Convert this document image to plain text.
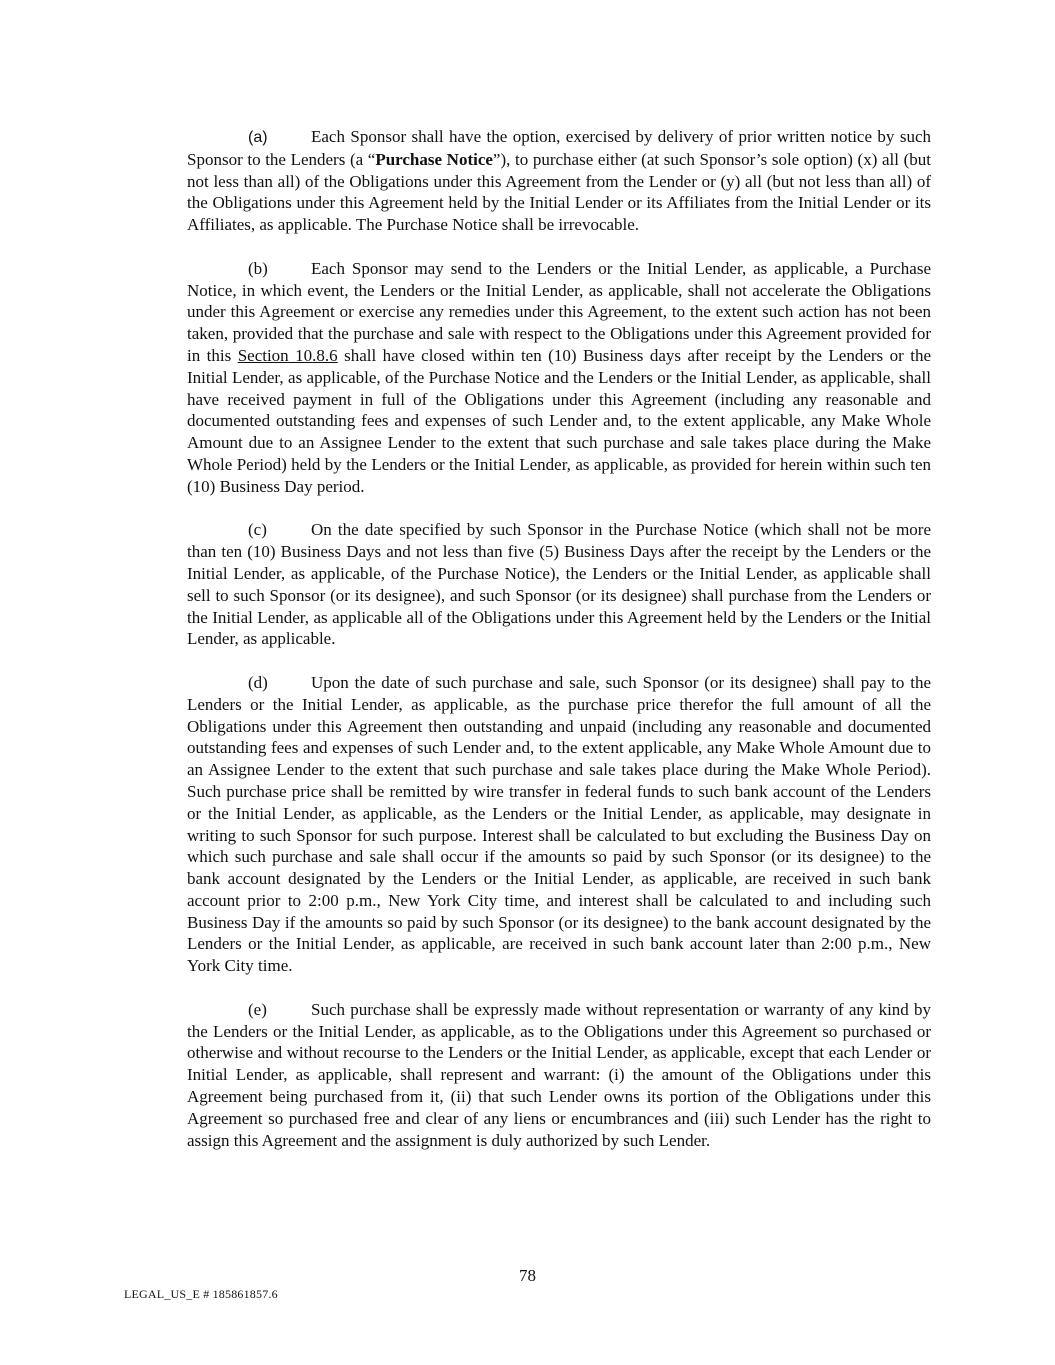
(a)	Each Sponsor shall have the option, exercised by delivery of prior written notice by such Sponsor to the Lenders (a “Purchase Notice”), to purchase either (at such Sponsor’s sole option) (x) all (but not less than all) of the Obligations under this Agreement from the Lender or (y) all (but not less than all) of the Obligations under this Agreement held by the Initial Lender or its Affiliates from the Initial Lender or its Affiliates, as applicable. The Purchase Notice shall be irrevocable.

(b)	Each Sponsor may send to the Lenders or the Initial Lender, as applicable, a Purchase Notice, in which event, the Lenders or the Initial Lender, as applicable, shall not accelerate the Obligations under this Agreement or exercise any remedies under this Agreement, to the extent such action has not been taken, provided that the purchase and sale with respect to the Obligations under this Agreement provided for in this Section 10.8.6 shall have closed within ten (10) Business days after receipt by the Lenders or the Initial Lender, as applicable, of the Purchase Notice and the Lenders or the Initial Lender, as applicable, shall have received payment in full of the Obligations under this Agreement (including any reasonable and documented outstanding fees and expenses of such Lender and, to the extent applicable, any Make Whole Amount due to an Assignee Lender to the extent that such purchase and sale takes place during the Make Whole Period) held by the Lenders or the Initial Lender, as applicable, as provided for herein within such ten (10) Business Day period.

(c)	On the date specified by such Sponsor in the Purchase Notice (which shall not be more than ten (10) Business Days and not less than five (5) Business Days after the receipt by the Lenders or the Initial Lender, as applicable, of the Purchase Notice), the Lenders or the Initial Lender, as applicable shall sell to such Sponsor (or its designee), and such Sponsor (or its designee) shall purchase from the Lenders or the Initial Lender, as applicable all of the Obligations under this Agreement held by the Lenders or the Initial Lender, as applicable.

(d)	Upon the date of such purchase and sale, such Sponsor (or its designee) shall pay to the Lenders or the Initial Lender, as applicable, as the purchase price therefor the full amount of all the Obligations under this Agreement then outstanding and unpaid (including any reasonable and documented outstanding fees and expenses of such Lender and, to the extent applicable, any Make Whole Amount due to an Assignee Lender to the extent that such purchase and sale takes place during the Make Whole Period). Such purchase price shall be remitted by wire transfer in federal funds to such bank account of the Lenders or the Initial Lender, as applicable, as the Lenders or the Initial Lender, as applicable, may designate in writing to such Sponsor for such purpose. Interest shall be calculated to but excluding the Business Day on which such purchase and sale shall occur if the amounts so paid by such Sponsor (or its designee) to the bank account designated by the Lenders or the Initial Lender, as applicable, are received in such bank account prior to 2:00 p.m., New York City time, and interest shall be calculated to and including such Business Day if the amounts so paid by such Sponsor (or its designee) to the bank account designated by the Lenders or the Initial Lender, as applicable, are received in such bank account later than 2:00 p.m., New York City time.

(e)	Such purchase shall be expressly made without representation or warranty of any kind by the Lenders or the Initial Lender, as applicable, as to the Obligations under this Agreement so purchased or otherwise and without recourse to the Lenders or the Initial Lender, as applicable, except that each Lender or Initial Lender, as applicable, shall represent and warrant: (i) the amount of the Obligations under this Agreement being purchased from it, (ii) that such Lender owns its portion of the Obligations under this Agreement so purchased free and clear of any liens or encumbrances and (iii) such Lender has the right to assign this Agreement and the assignment is duly authorized by such Lender.

78
LEGAL_US_E # 185861857.6
